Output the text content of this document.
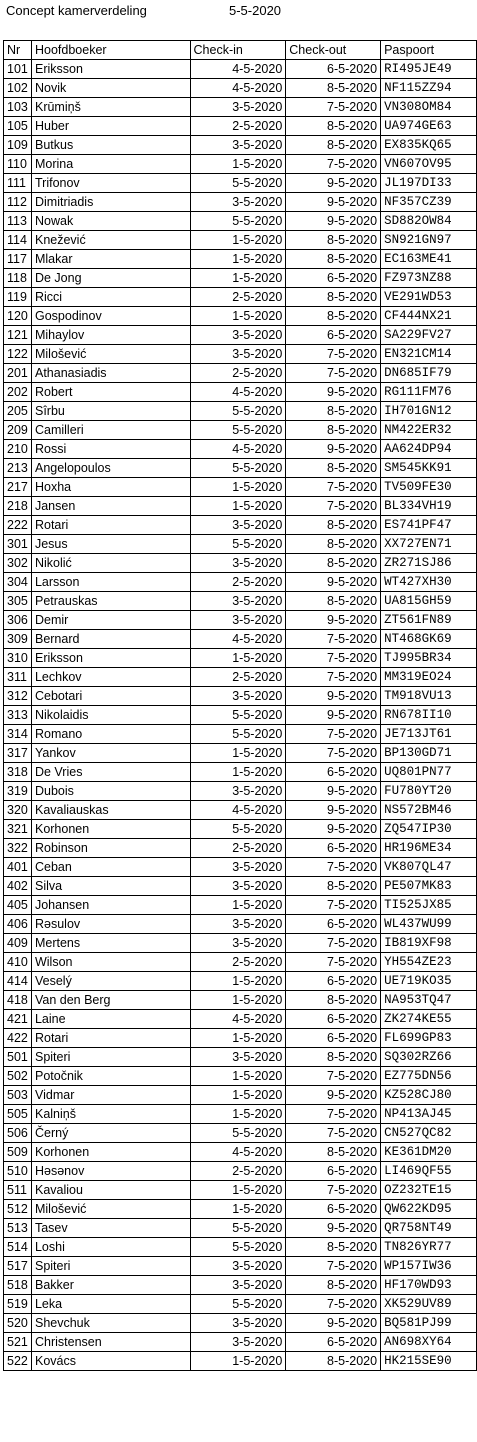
Concept kamerverdeling	5-5-2020
Nr	Hoofdboeker	Check-in	Check-out	Paspoort
101	Eriksson	4-5-2020	6-5-2020	RI495JE49
102	Novik	4-5-2020	8-5-2020	NF115ZZ94
103	Krūmiņš	3-5-2020	7-5-2020	VN308OM84
105	Huber	2-5-2020	8-5-2020	UA974GE63
109	Butkus	3-5-2020	8-5-2020	EX835KQ65
110	Morina	1-5-2020	7-5-2020	VN607OV95
111	Trifonov	5-5-2020	9-5-2020	JL197DI33
112	Dimitriadis	3-5-2020	9-5-2020	NF357CZ39
113	Nowak	5-5-2020	9-5-2020	SD882OW84
114	Knežević	1-5-2020	8-5-2020	SN921GN97
117	Mlakar	1-5-2020	8-5-2020	EC163ME41
118	De Jong	1-5-2020	6-5-2020	FZ973NZ88
119	Ricci	2-5-2020	8-5-2020	VE291WD53
120	Gospodinov	1-5-2020	8-5-2020	CF444NX21
121	Mihaylov	3-5-2020	6-5-2020	SA229FV27
122	Milošević	3-5-2020	7-5-2020	EN321CM14
201	Athanasiadis	2-5-2020	7-5-2020	DN685IF79
202	Robert	4-5-2020	9-5-2020	RG111FM76
205	Sîrbu	5-5-2020	8-5-2020	IH701GN12
209	Camilleri	5-5-2020	8-5-2020	NM422ER32
210	Rossi	4-5-2020	9-5-2020	AA624DP94
213	Angelopoulos	5-5-2020	8-5-2020	SM545KK91
217	Hoxha	1-5-2020	7-5-2020	TV509FE30
218	Jansen	1-5-2020	7-5-2020	BL334VH19
222	Rotari	3-5-2020	8-5-2020	ES741PF47
301	Jesus	5-5-2020	8-5-2020	XX727EN71
302	Nikolić	3-5-2020	8-5-2020	ZR271SJ86
304	Larsson	2-5-2020	9-5-2020	WT427XH30
305	Petrauskas	3-5-2020	8-5-2020	UA815GH59
306	Demir	3-5-2020	9-5-2020	ZT561FN89
309	Bernard	4-5-2020	7-5-2020	NT468GK69
310	Eriksson	1-5-2020	7-5-2020	TJ995BR34
311	Lechkov	2-5-2020	7-5-2020	MM319EO24
312	Cebotari	3-5-2020	9-5-2020	TM918VU13
313	Nikolaidis	5-5-2020	9-5-2020	RN678II10
314	Romano	5-5-2020	7-5-2020	JE713JT61
317	Yankov	1-5-2020	7-5-2020	BP130GD71
318	De Vries	1-5-2020	6-5-2020	UQ801PN77
319	Dubois	3-5-2020	9-5-2020	FU780YT20
320	Kavaliauskas	4-5-2020	9-5-2020	NS572BM46
321	Korhonen	5-5-2020	9-5-2020	ZQ547IP30
322	Robinson	2-5-2020	6-5-2020	HR196ME34
401	Ceban	3-5-2020	7-5-2020	VK807QL47
402	Silva	3-5-2020	8-5-2020	PE507MK83
405	Johansen	1-5-2020	7-5-2020	TI525JX85
406	Rəsulov	3-5-2020	6-5-2020	WL437WU99
409	Mertens	3-5-2020	7-5-2020	IB819XF98
410	Wilson	2-5-2020	7-5-2020	YH554ZE23
414	Veselý	1-5-2020	6-5-2020	UE719KO35
418	Van den Berg	1-5-2020	8-5-2020	NA953TQ47
421	Laine	4-5-2020	6-5-2020	ZK274KE55
422	Rotari	1-5-2020	6-5-2020	FL699GP83
501	Spiteri	3-5-2020	8-5-2020	SQ302RZ66
502	Potočnik	1-5-2020	7-5-2020	EZ775DN56
503	Vidmar	1-5-2020	9-5-2020	KZ528CJ80
505	Kalniņš	1-5-2020	7-5-2020	NP413AJ45
506	Černý	5-5-2020	7-5-2020	CN527QC82
509	Korhonen	4-5-2020	8-5-2020	KE361DM20
510	Həsənov	2-5-2020	6-5-2020	LI469QF55
511	Kavaliou	1-5-2020	7-5-2020	OZ232TE15
512	Milošević	1-5-2020	6-5-2020	QW622KD95
513	Tasev	5-5-2020	9-5-2020	QR758NT49
514	Loshi	5-5-2020	8-5-2020	TN826YR77
517	Spiteri	3-5-2020	7-5-2020	WP157IW36
518	Bakker	3-5-2020	8-5-2020	HF170WD93
519	Leka	5-5-2020	7-5-2020	XK529UV89
520	Shevchuk	3-5-2020	9-5-2020	BQ581PJ99
521	Christensen	3-5-2020	6-5-2020	AN698XY64
522	Kovács	1-5-2020	8-5-2020	HK215SE90
